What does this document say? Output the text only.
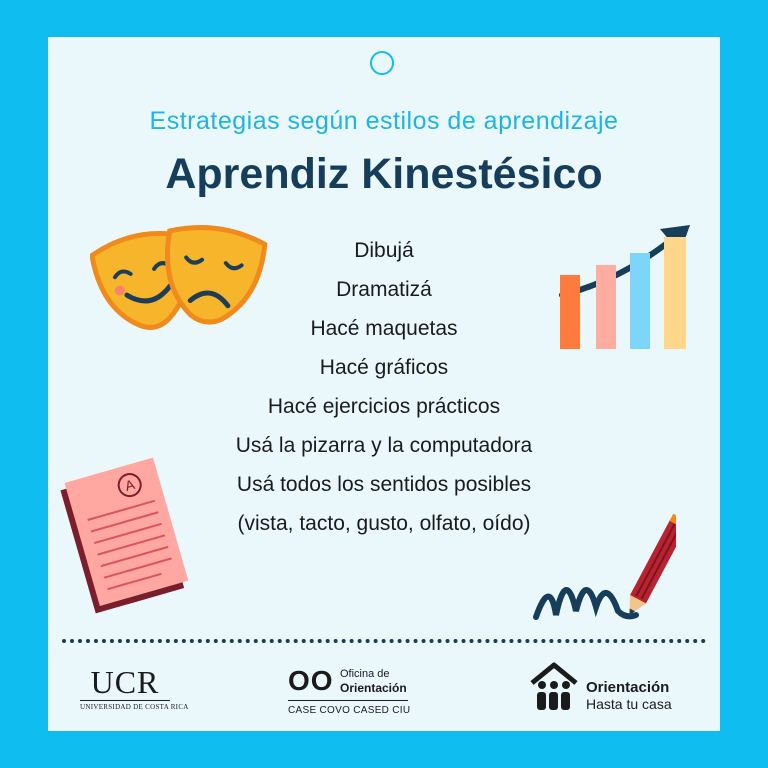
Estrategias según estilos de aprendizaje
Aprendiz Kinestésico
Dibujá
Dramatizá
Hacé maquetas
Hacé gráficos
Hacé ejercicios prácticos
Usá la pizarra y la computadora
Usá todos los sentidos posibles
(vista, tacto, gusto, olfato, oído)
A
UCR
UNIVERSIDAD DE COSTA RICA
OO Oficina de
Orientación
CASE COVO CASED CIU
Orientación
Hasta tu casa
